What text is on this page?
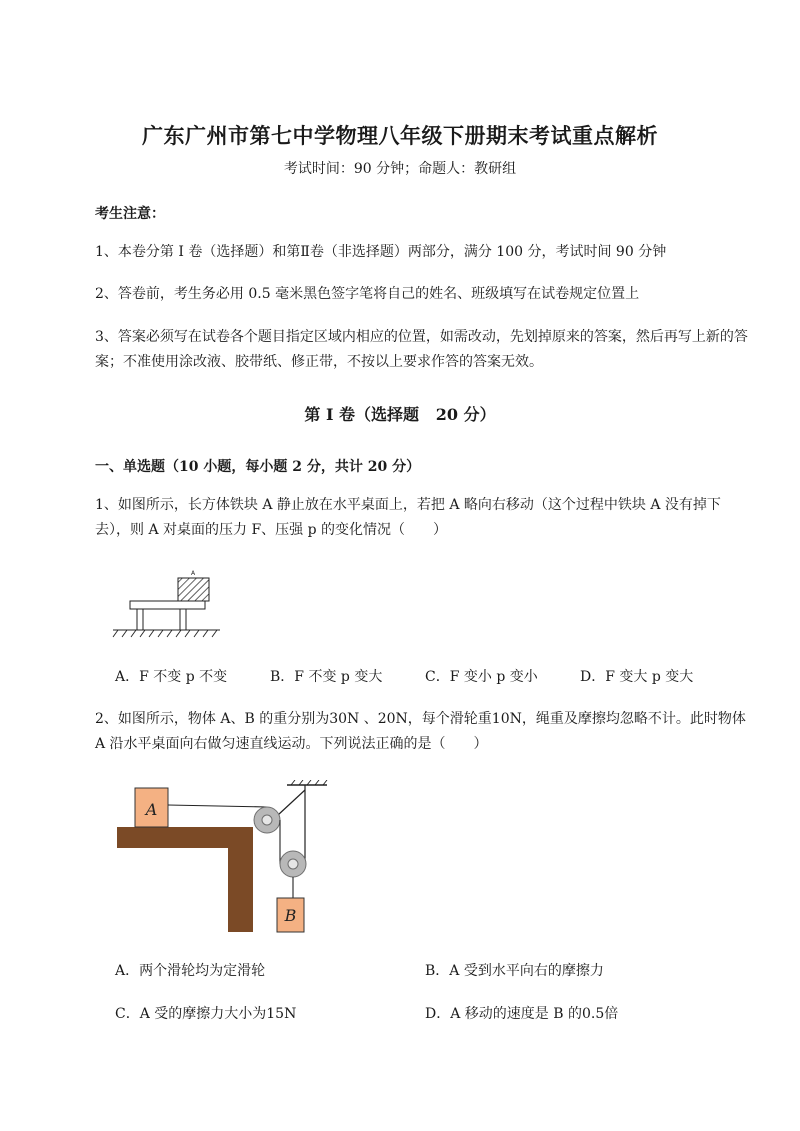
广东广州市第七中学物理八年级下册期末考试重点解析
考试时间：90 分钟；命题人：教研组
考生注意：
1、本卷分第 I 卷（选择题）和第Ⅱ卷（非选择题）两部分，满分 100 分，考试时间 90 分钟
2、答卷前，考生务必用 0.5 毫米黑色签字笔将自己的姓名、班级填写在试卷规定位置上
3、答案必须写在试卷各个题目指定区域内相应的位置，如需改动，先划掉原来的答案，然后再写上新的答案；不准使用涂改液、胶带纸、修正带，不按以上要求作答的答案无效。
第 I 卷（选择题   20 分）
一、单选题（10 小题，每小题 2 分，共计 20 分）
1、如图所示，长方体铁块 A 静止放在水平桌面上，若把 A 略向右移动（这个过程中铁块 A 没有掉下去），则 A 对桌面的压力 F、压强 p 的变化情况（　　）
A
A．F 不变 p 不变	B．F 不变 p 变大	C．F 变小 p 变小	D．F 变大 p 变大
2、如图所示，物体 A、B 的重分别为30N 、20N，每个滑轮重10N，绳重及摩擦均忽略不计。此时物体 A 沿水平桌面向右做匀速直线运动。下列说法正确的是（　　）
A
B
A．两个滑轮均为定滑轮	B．A 受到水平向右的摩擦力
C．A 受的摩擦力大小为15N	D．A 移动的速度是 B 的0.5倍
